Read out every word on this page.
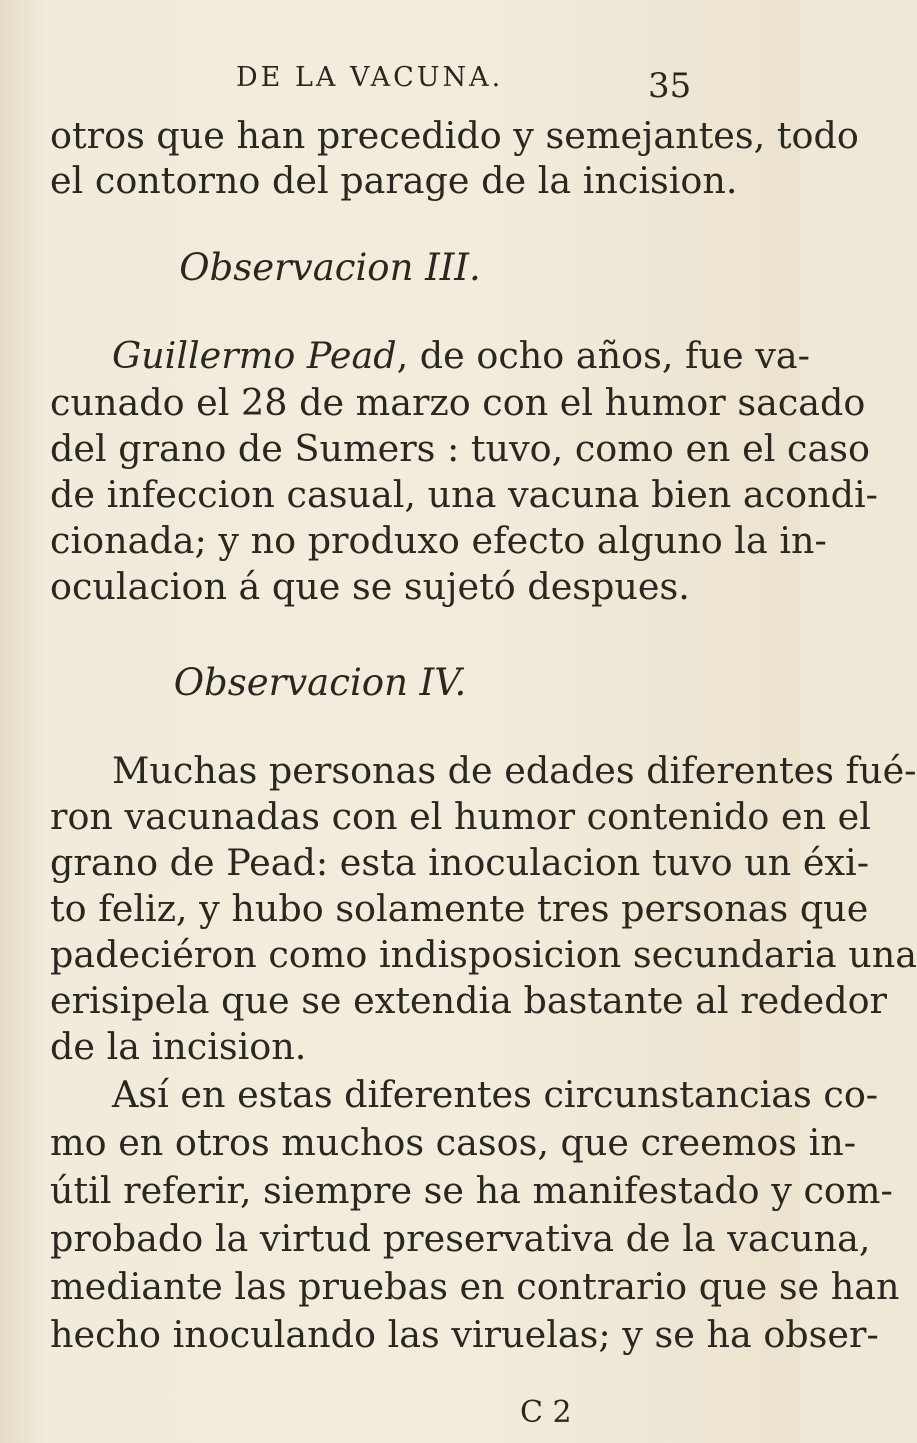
DE LA VACUNA.	35
otros que han precedido y semejantes, todo
el contorno del parage de la incision.
Observacion III.
Guillermo Pead, de ocho años, fue va-
cunado el 28 de marzo con el humor sacado
del grano de Sumers : tuvo, como en el caso
de infeccion casual, una vacuna bien acondi-
cionada; y no produxo efecto alguno la in-
oculacion á que se sujetó despues.
Observacion IV.
Muchas personas de edades diferentes fué-
ron vacunadas con el humor contenido en el
grano de Pead: esta inoculacion tuvo un éxi-
to feliz, y hubo solamente tres personas que
padeciéron como indisposicion secundaria una
erisipela que se extendia bastante al rededor
de la incision.
Así en estas diferentes circunstancias co-
mo en otros muchos casos, que creemos in-
útil referir, siempre se ha manifestado y com-
probado la virtud preservativa de la vacuna,
mediante las pruebas en contrario que se han
hecho inoculando las viruelas; y se ha obser-
C 2
